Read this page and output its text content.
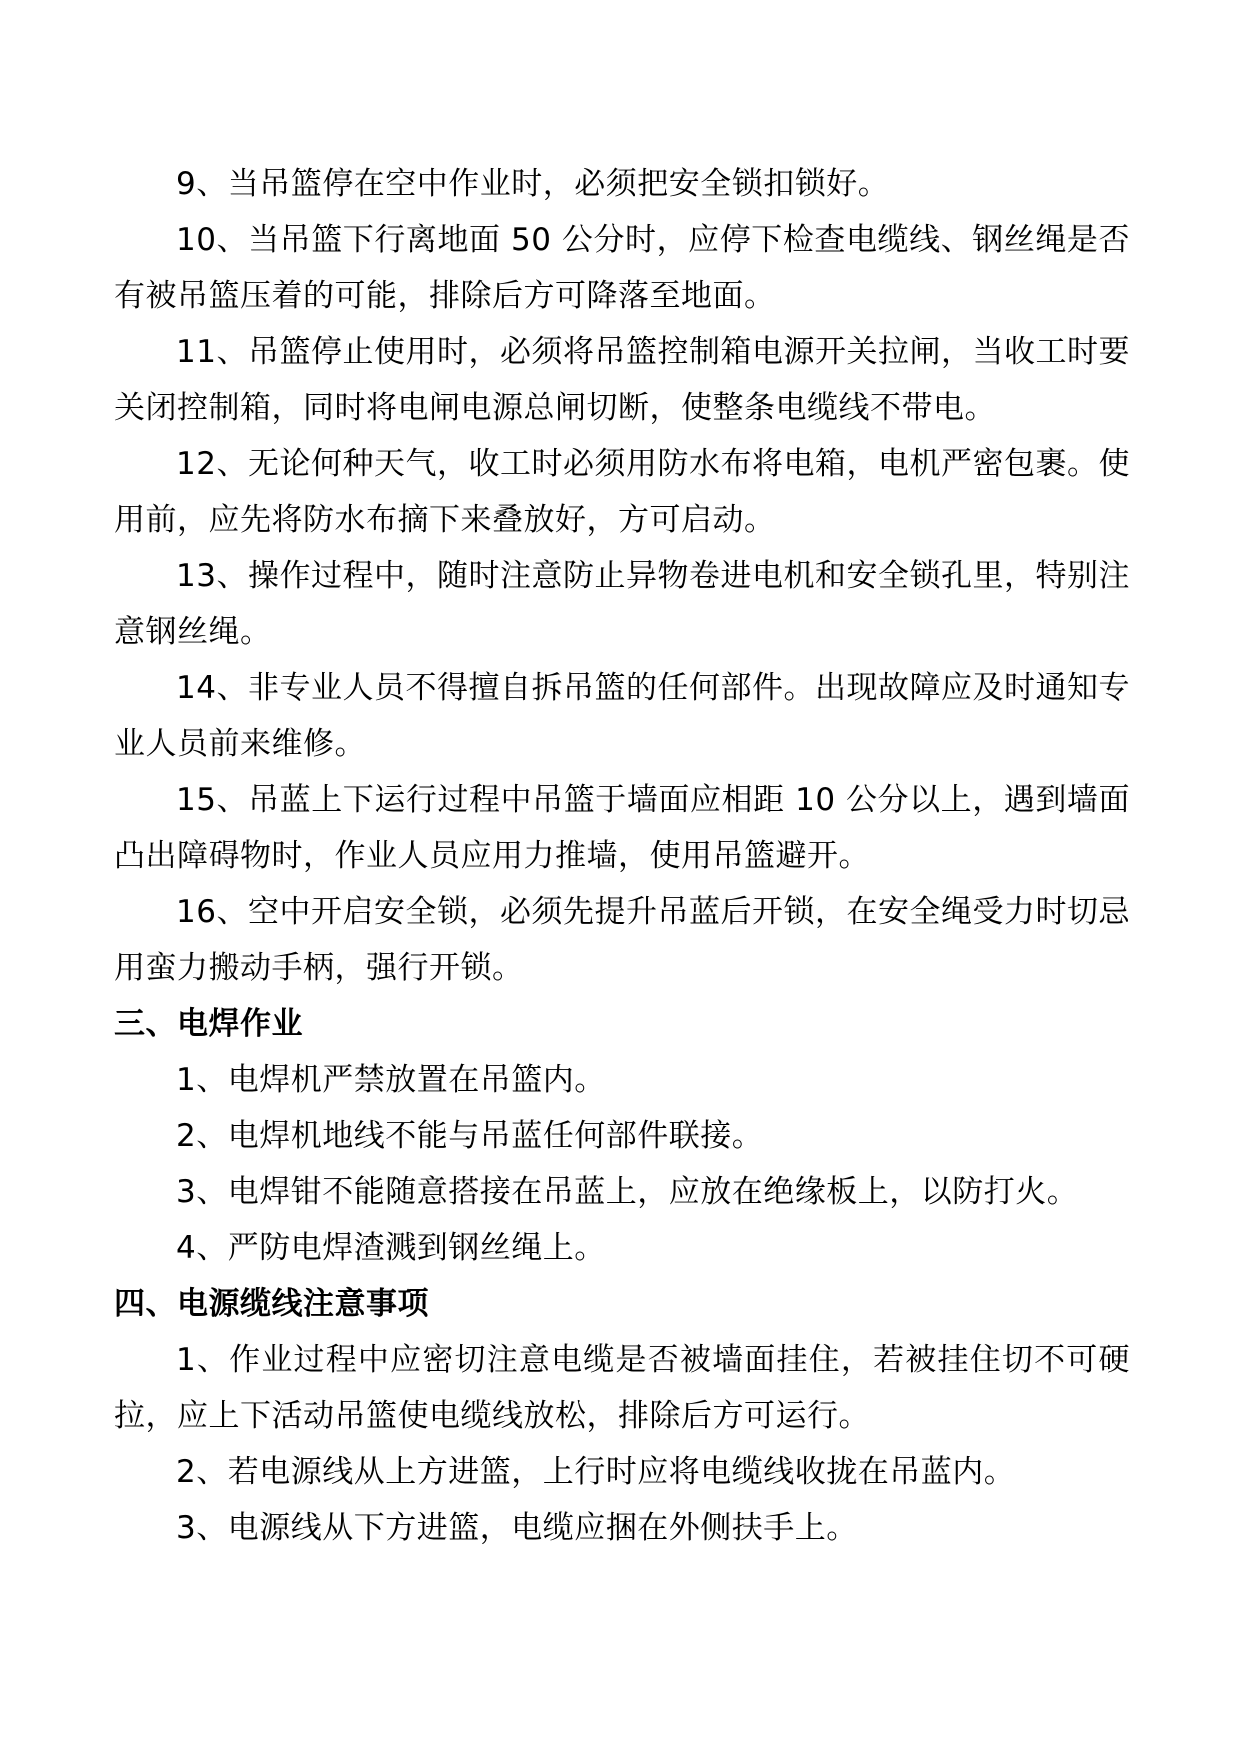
9、当吊篮停在空中作业时，必须把安全锁扣锁好。

10、当吊篮下行离地面 50 公分时，应停下检查电缆线、钢丝绳是否有被吊篮压着的可能，排除后方可降落至地面。

11、吊篮停止使用时，必须将吊篮控制箱电源开关拉闸，当收工时要关闭控制箱，同时将电闸电源总闸切断，使整条电缆线不带电。

12、无论何种天气，收工时必须用防水布将电箱，电机严密包裹。使用前，应先将防水布摘下来叠放好，方可启动。

13、操作过程中，随时注意防止异物卷进电机和安全锁孔里，特别注意钢丝绳。

14、非专业人员不得擅自拆吊篮的任何部件。出现故障应及时通知专业人员前来维修。

15、吊蓝上下运行过程中吊篮于墙面应相距 10 公分以上，遇到墙面凸出障碍物时，作业人员应用力推墙，使用吊篮避开。

16、空中开启安全锁，必须先提升吊蓝后开锁，在安全绳受力时切忌用蛮力搬动手柄，强行开锁。

三、电焊作业

1、电焊机严禁放置在吊篮内。

2、电焊机地线不能与吊蓝任何部件联接。

3、电焊钳不能随意搭接在吊蓝上，应放在绝缘板上，以防打火。

4、严防电焊渣溅到钢丝绳上。

四、电源缆线注意事项

1、作业过程中应密切注意电缆是否被墙面挂住，若被挂住切不可硬拉，应上下活动吊篮使电缆线放松，排除后方可运行。

2、若电源线从上方进篮，上行时应将电缆线收拢在吊蓝内。

3、电源线从下方进篮，电缆应捆在外侧扶手上。
